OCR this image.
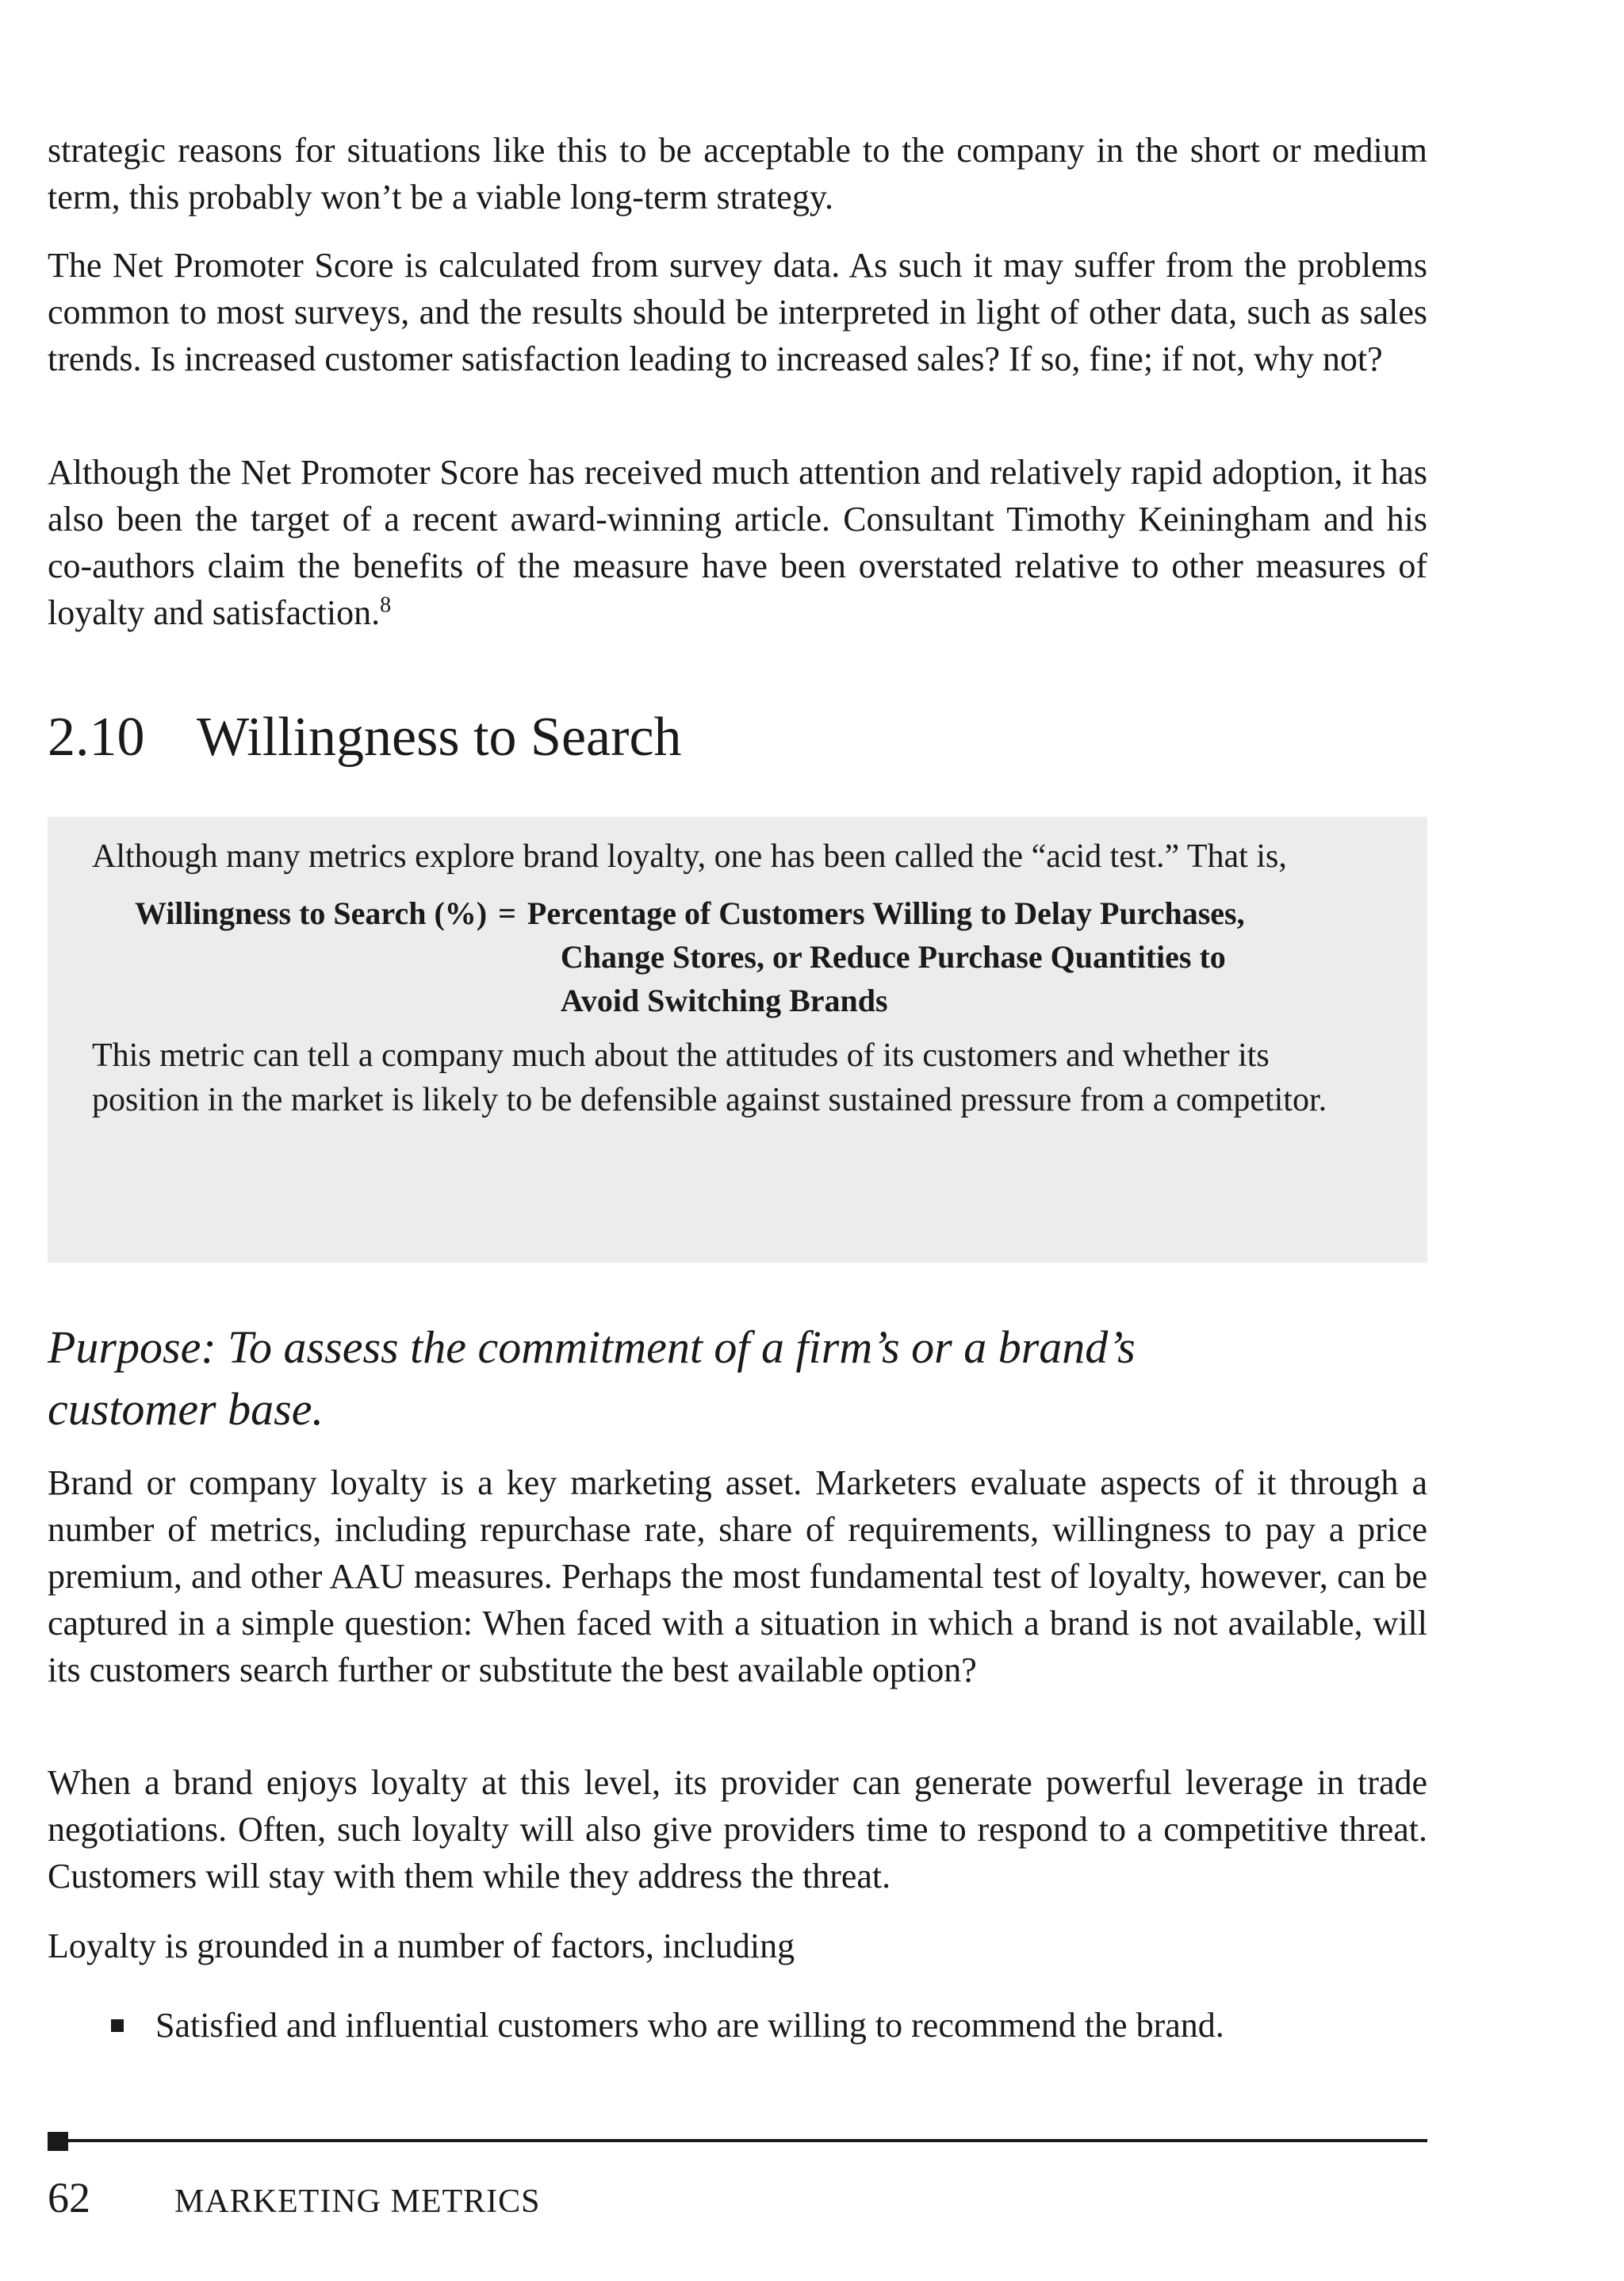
strategic reasons for situations like this to be acceptable to the company in the short or medium term, this probably won’t be a viable long-term strategy.

The Net Promoter Score is calculated from survey data. As such it may suffer from the problems common to most surveys, and the results should be interpreted in light of other data, such as sales trends. Is increased customer satisfaction leading to increased sales? If so, fine; if not, why not?

Although the Net Promoter Score has received much attention and relatively rapid adoption, it has also been the target of a recent award-winning article. Consultant Timothy Keiningham and his co-authors claim the benefits of the measure have been overstated relative to other measures of loyalty and satisfaction.$^8$

2.10 Willingness to Search

Although many metrics explore brand loyalty, one has been called the “acid test.” That is,

Willingness to Search (%) = Percentage of Customers Willing to Delay Purchases,
Change Stores, or Reduce Purchase Quantities to
Avoid Switching Brands

This metric can tell a company much about the attitudes of its customers and whether its position in the market is likely to be defensible against sustained pressure from a competitor.

Purpose: To assess the commitment of a firm’s or a brand’s customer base.

Brand or company loyalty is a key marketing asset. Marketers evaluate aspects of it through a number of metrics, including repurchase rate, share of requirements, willingness to pay a price premium, and other AAU measures. Perhaps the most fundamental test of loyalty, however, can be captured in a simple question: When faced with a situation in which a brand is not available, will its customers search further or substitute the best available option?

When a brand enjoys loyalty at this level, its provider can generate powerful leverage in trade negotiations. Often, such loyalty will also give providers time to respond to a competitive threat. Customers will stay with them while they address the threat.

Loyalty is grounded in a number of factors, including

Satisfied and influential customers who are willing to recommend the brand.
62	MARKETING METRICS
